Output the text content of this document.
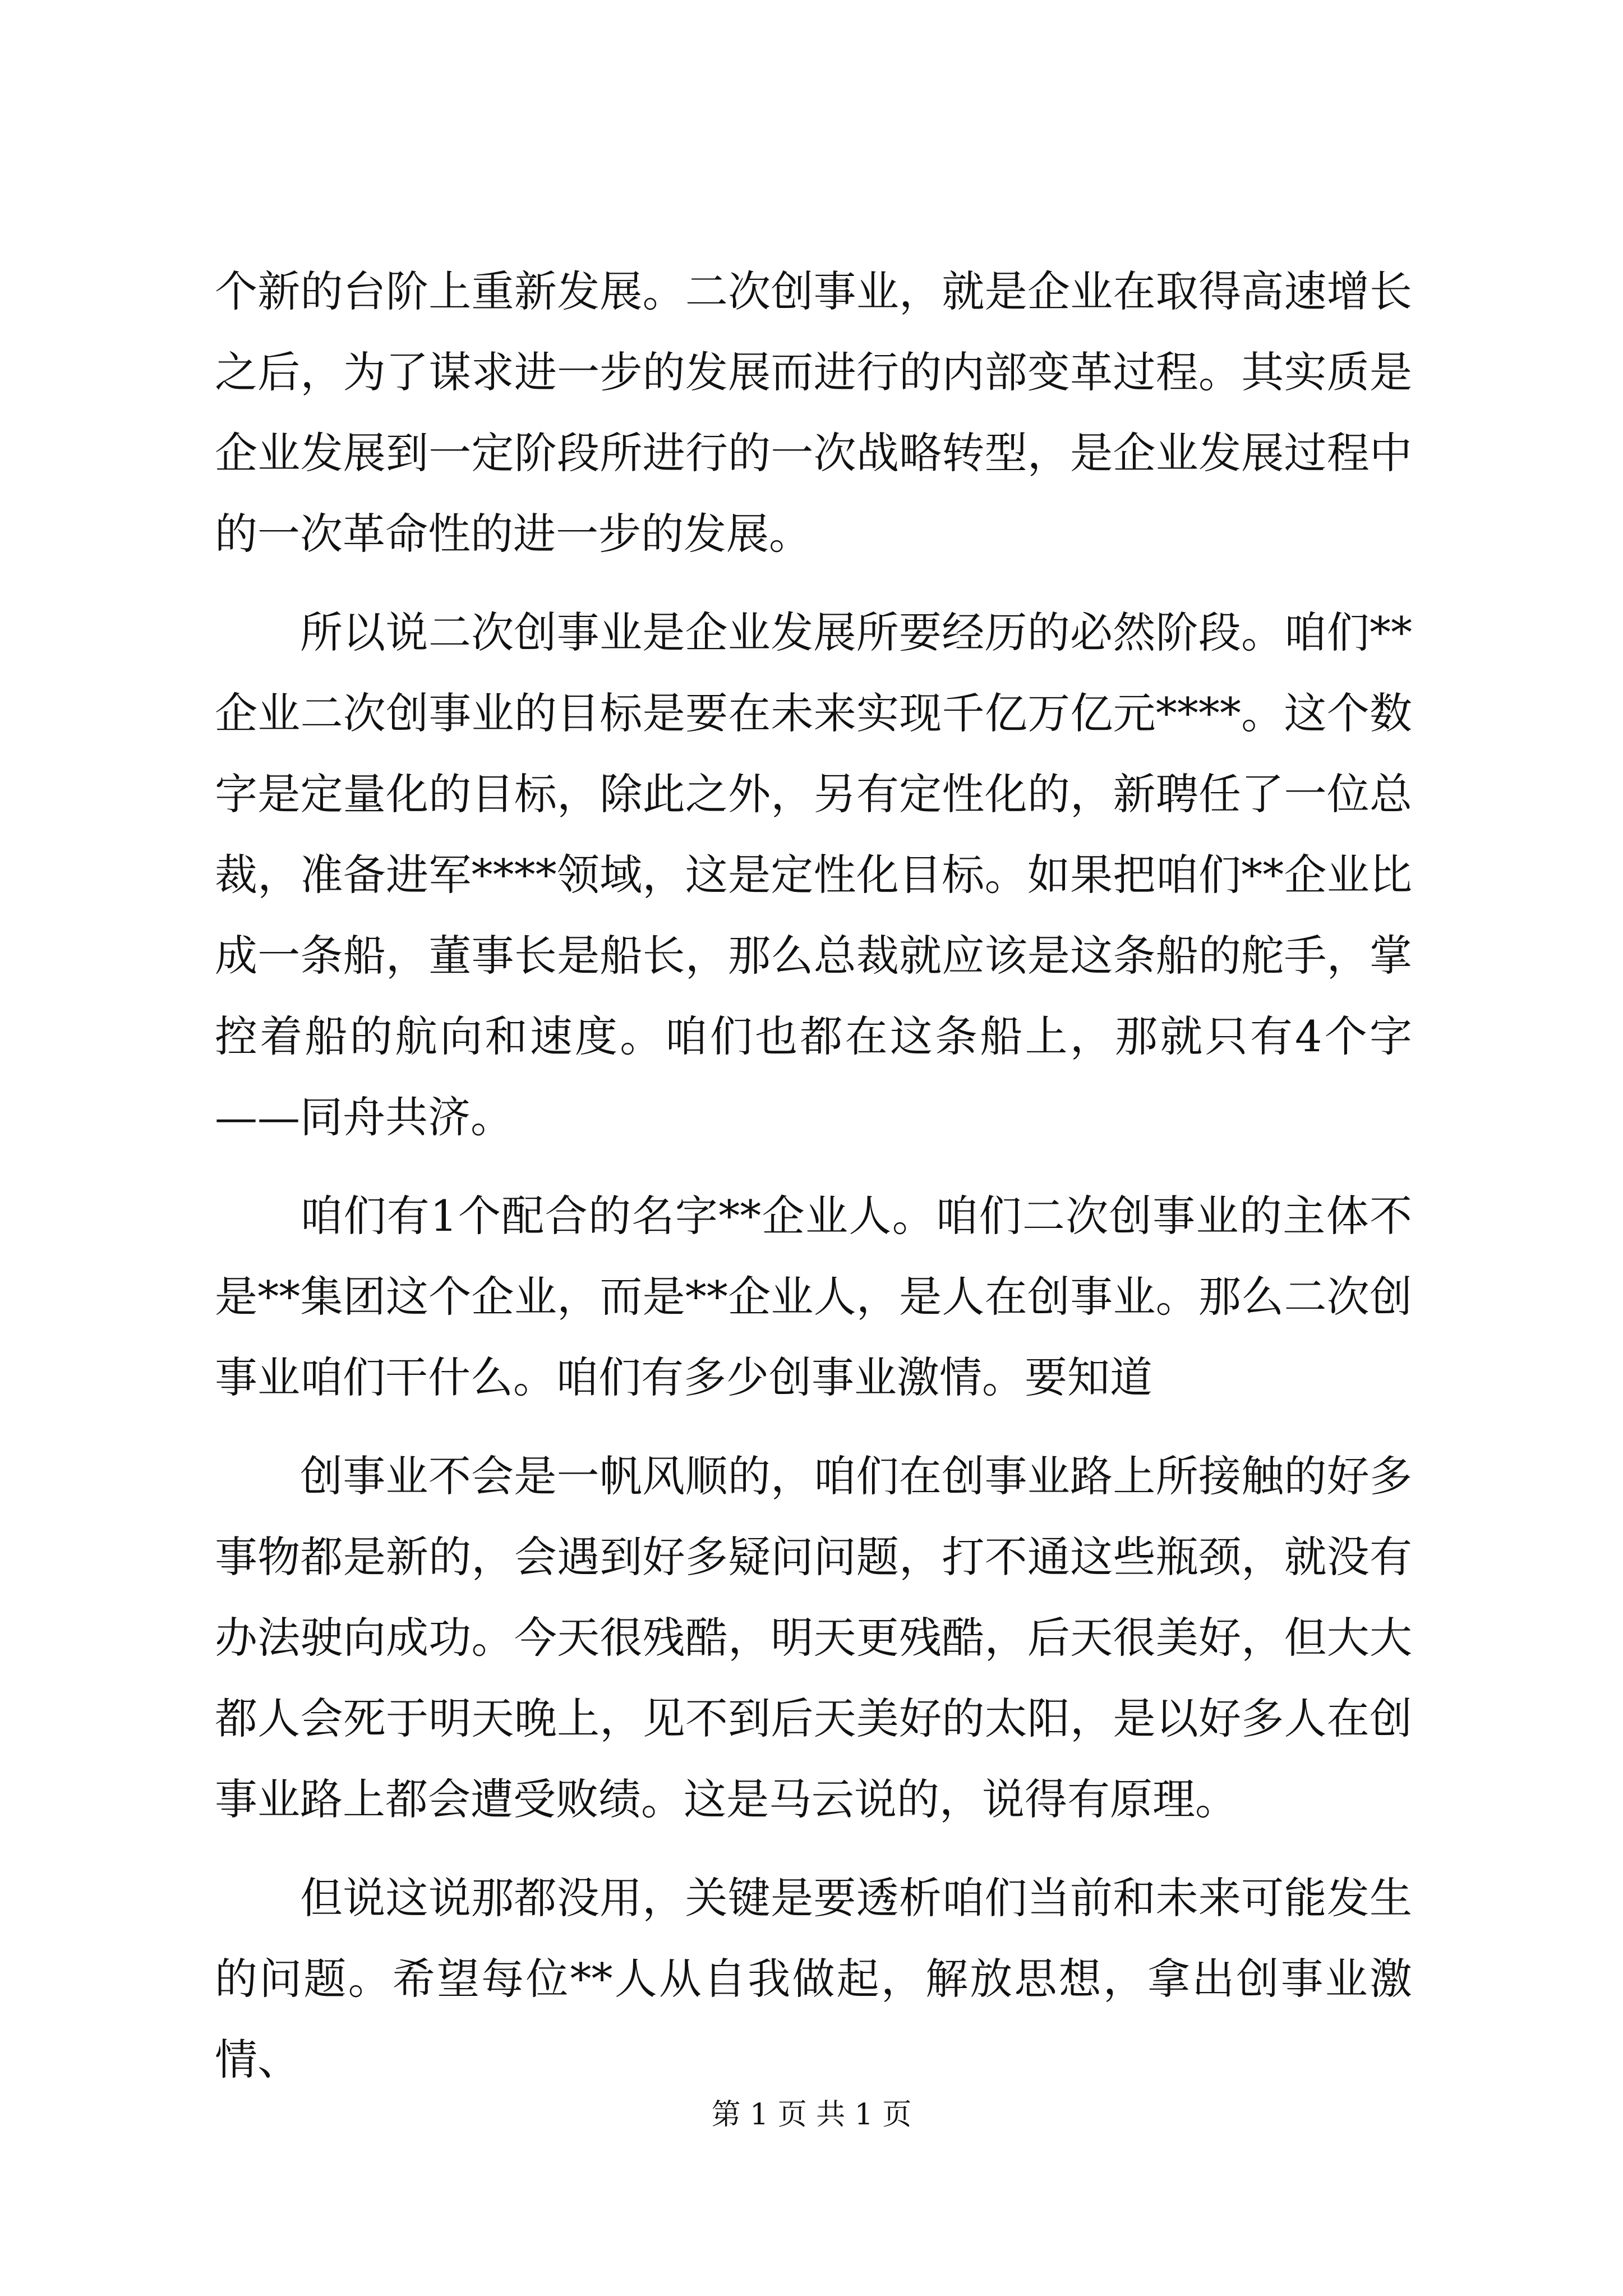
个新的台阶上重新发展。二次创事业，就是企业在取得高速增长之后，为了谋求进一步的发展而进行的内部变革过程。其实质是企业发展到一定阶段所进行的一次战略转型，是企业发展过程中的一次革命性的进一步的发展。

所以说二次创事业是企业发展所要经历的必然阶段。咱们**企业二次创事业的目标是要在未来实现千亿万亿元****。这个数字是定量化的目标，除此之外，另有定性化的，新聘任了一位总裁，准备进军****领域，这是定性化目标。如果把咱们**企业比成一条船，董事长是船长，那么总裁就应该是这条船的舵手，掌控着船的航向和速度。咱们也都在这条船上，那就只有4个字——同舟共济。

咱们有1个配合的名字**企业人。咱们二次创事业的主体不是**集团这个企业，而是**企业人，是人在创事业。那么二次创事业咱们干什么。咱们有多少创事业激情。要知道

创事业不会是一帆风顺的，咱们在创事业路上所接触的好多事物都是新的，会遇到好多疑问问题，打不通这些瓶颈，就没有办法驶向成功。今天很残酷，明天更残酷，后天很美好，但大大都人会死于明天晚上，见不到后天美好的太阳，是以好多人在创事业路上都会遭受败绩。这是马云说的，说得有原理。

但说这说那都没用，关键是要透析咱们当前和未来可能发生的问题。希望每位**人从自我做起，解放思想，拿出创事业激情、

第 1 页 共 1 页
